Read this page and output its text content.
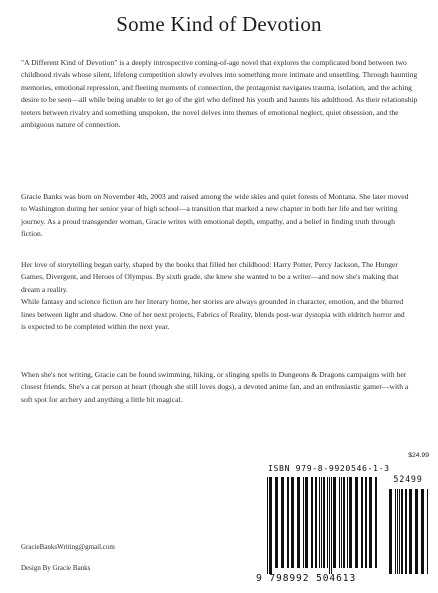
Some Kind of Devotion

"A Different Kind of Devotion" is a deeply introspective coming-of-age novel that explores the complicated bond between two childhood rivals whose silent, lifelong competition slowly evolves into something more intimate and unsettling. Through haunting memories, emotional repression, and fleeting moments of connection, the protagonist navigates trauma, isolation, and the aching desire to be seen—all while being unable to let go of the girl who defined his youth and haunts his adulthood. As their relationship teeters between rivalry and something unspoken, the novel delves into themes of emotional neglect, quiet obsession, and the ambiguous nature of connection.

Gracie Banks was born on November 4th, 2003 and raised among the wide skies and quiet forests of Montana. She later moved to Washington during her senior year of high school—a transition that marked a new chapter in both her life and her writing journey. As a proud transgender woman, Gracie writes with emotional depth, empathy, and a belief in finding truth through fiction.

Her love of storytelling began early, shaped by the books that filled her childhood: Harry Potter, Percy Jackson, The Hunger Games, Divergent, and Heroes of Olympus. By sixth grade, she knew she wanted to be a writer—and now she's making that dream a reality.

While fantasy and science fiction are her literary home, her stories are always grounded in character, emotion, and the blurred lines between light and shadow. One of her next projects, Fabrics of Reality, blends post-war dystopia with eldritch horror and is expected to be completed within the next year.

When she's not writing, Gracie can be found swimming, hiking, or slinging spells in Dungeons & Dragons campaigns with her closest friends. She's a cat person at heart (though she still loves dogs), a devoted anime fan, and an enthusiastic gamer—with a soft spot for archery and anything a little bit magical.

$24.99
ISBN 979-8-9920546-1-3
52499
9 798992 504613
GracieBanksWriting@gmail.com
Design By Gracie Banks
